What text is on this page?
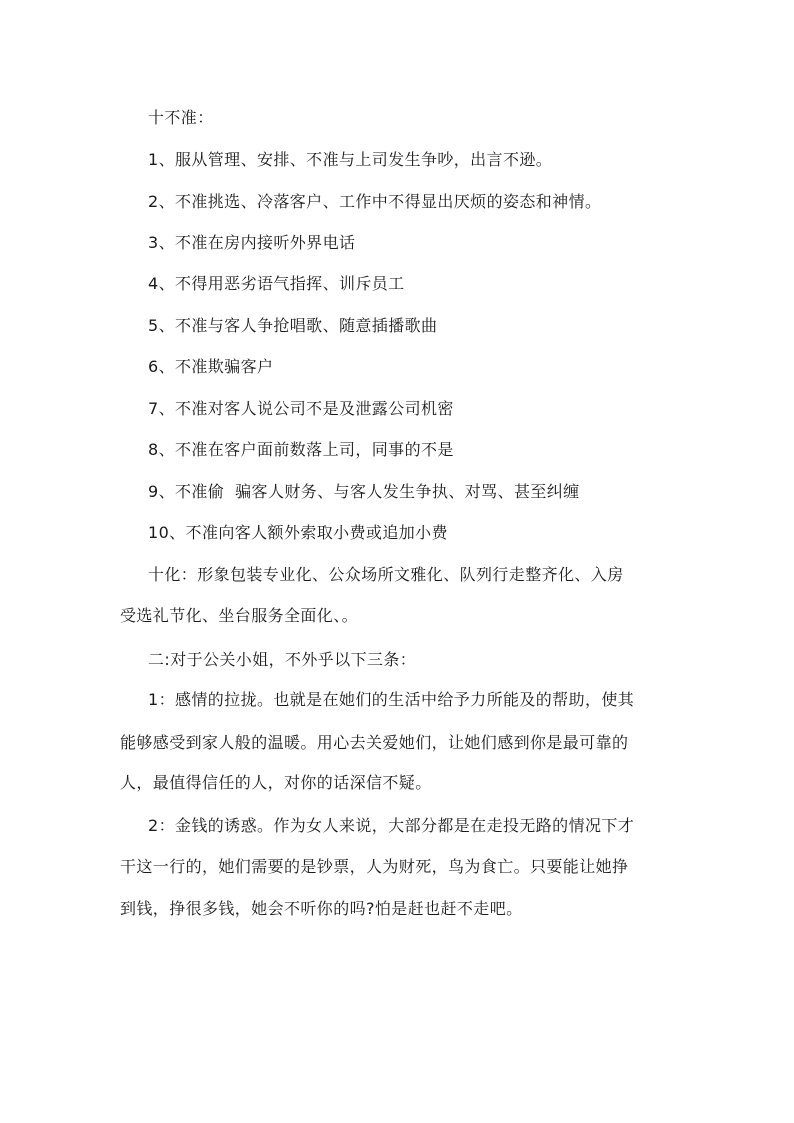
十不准：
1、服从管理、安排、不准与上司发生争吵，出言不逊。
2、不准挑选、冷落客户、工作中不得显出厌烦的姿态和神情。
3、不准在房内接听外界电话
4、不得用恶劣语气指挥、训斥员工
5、不准与客人争抢唱歌、随意插播歌曲
6、不准欺骗客户
7、不准对客人说公司不是及泄露公司机密
8、不准在客户面前数落上司，同事的不是
9、不准偷  骗客人财务、与客人发生争执、对骂、甚至纠缠
10、不准向客人额外索取小费或追加小费
十化：形象包装专业化、公众场所文雅化、队列行走整齐化、入房
受选礼节化、坐台服务全面化、。
二:对于公关小姐，不外乎以下三条：
1：感情的拉拢。也就是在她们的生活中给予力所能及的帮助，使其
能够感受到家人般的温暖。用心去关爱她们，让她们感到你是最可靠的
人，最值得信任的人，对你的话深信不疑。
2：金钱的诱惑。作为女人来说，大部分都是在走投无路的情况下才
干这一行的，她们需要的是钞票，人为财死，鸟为食亡。只要能让她挣
到钱，挣很多钱，她会不听你的吗?怕是赶也赶不走吧。
